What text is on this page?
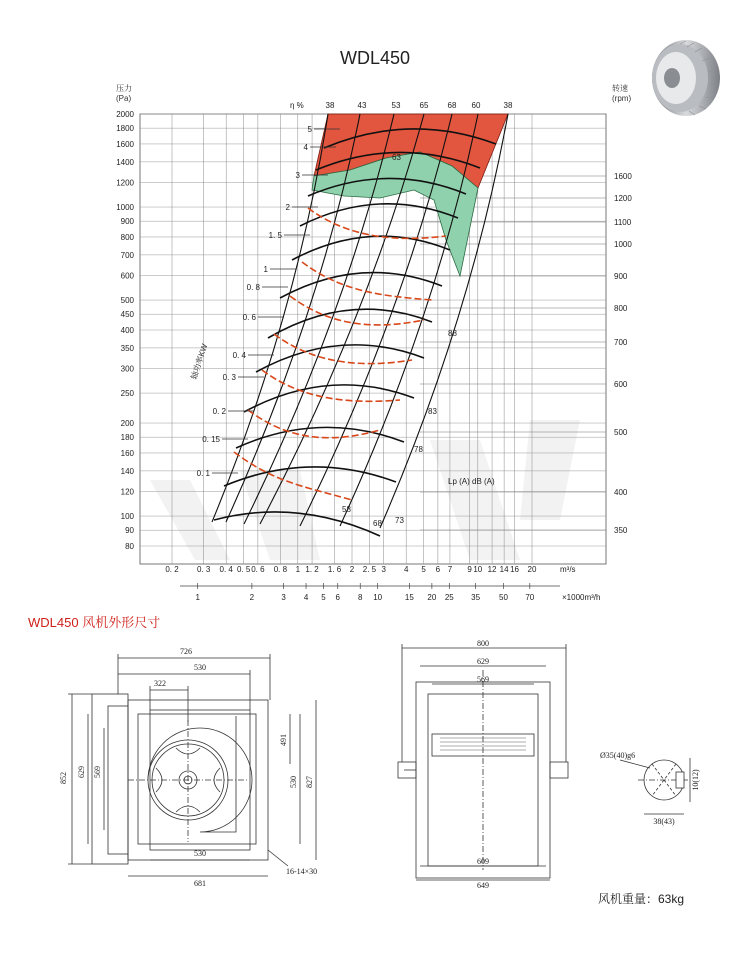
WDL450
压力
(Pa)
转速
(rpm)
2000
1800
1600
1400
1200
1000
900
800
700
600
500
450
400
350
300
250
200
180
160
140
120
100
90
80
1600
1200
1100
1000
900
800
700
600
500
400
350
0. 2 0. 3 0. 4 0. 5 0. 6 0. 8 1 1. 2 1. 6 2 2. 5 3 4 5 6 7 9 10 12 14 16 20	m³/s
1	2	3 4 5 6 8 10	15 20 25 35 50 70	×1000m³/h
η %	38	43	53 65 68 60	38
5
4
3
2
1. 5
1
0. 8
0. 6
0. 4
0. 3
0. 2
0. 15
0. 1
轴功率KW
68 73
78
83
88
58
63
Lp (A) dB (A)
WDL450 风机外形尺寸
726
530
322
629 569
852
491
530 827
530
681
16-14×30
800
629
569
609
649
Ø35(40)g6
10(12)
38(43)
风机重量：63kg
